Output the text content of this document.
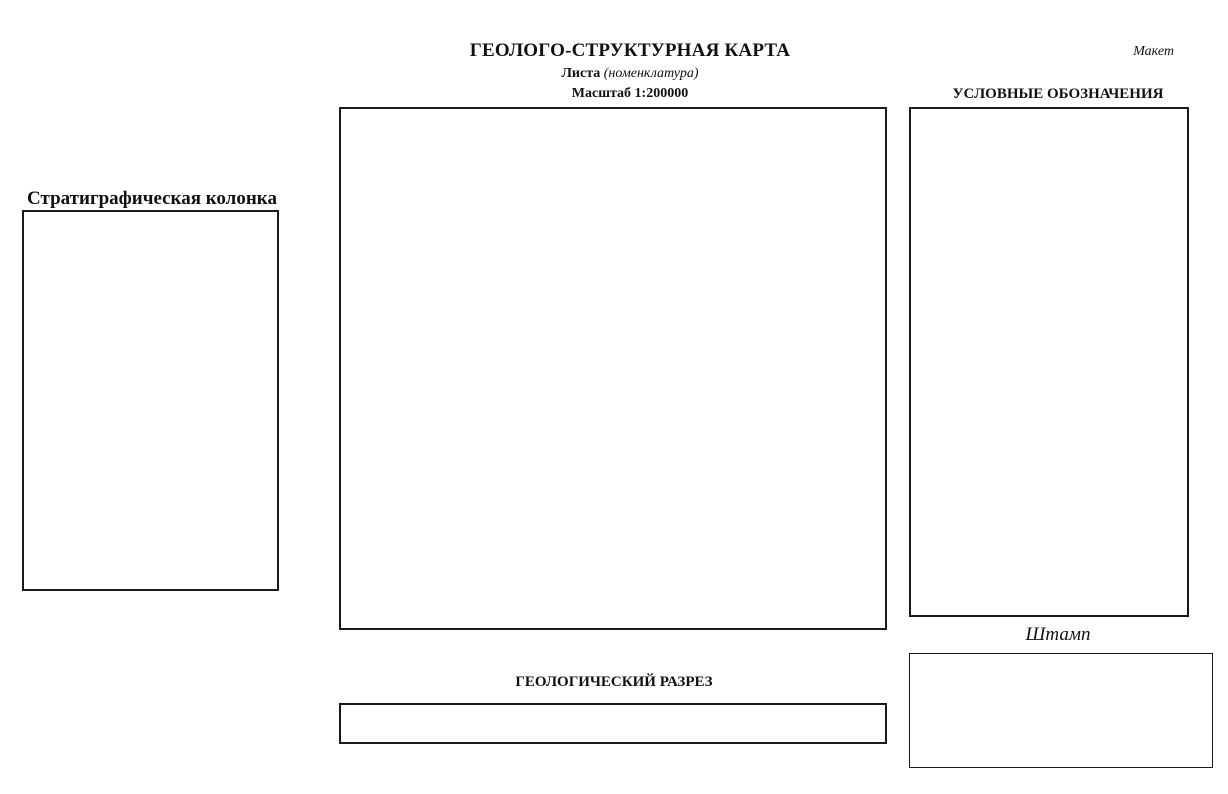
ГЕОЛОГО-СТРУКТУРНАЯ КАРТА
Листа (номенклатура)
Масштаб 1:200000
Макет
УСЛОВНЫЕ ОБОЗНАЧЕНИЯ
Стратиграфическая колонка
ГЕОЛОГИЧЕСКИЙ РАЗРЕЗ
Штамп
